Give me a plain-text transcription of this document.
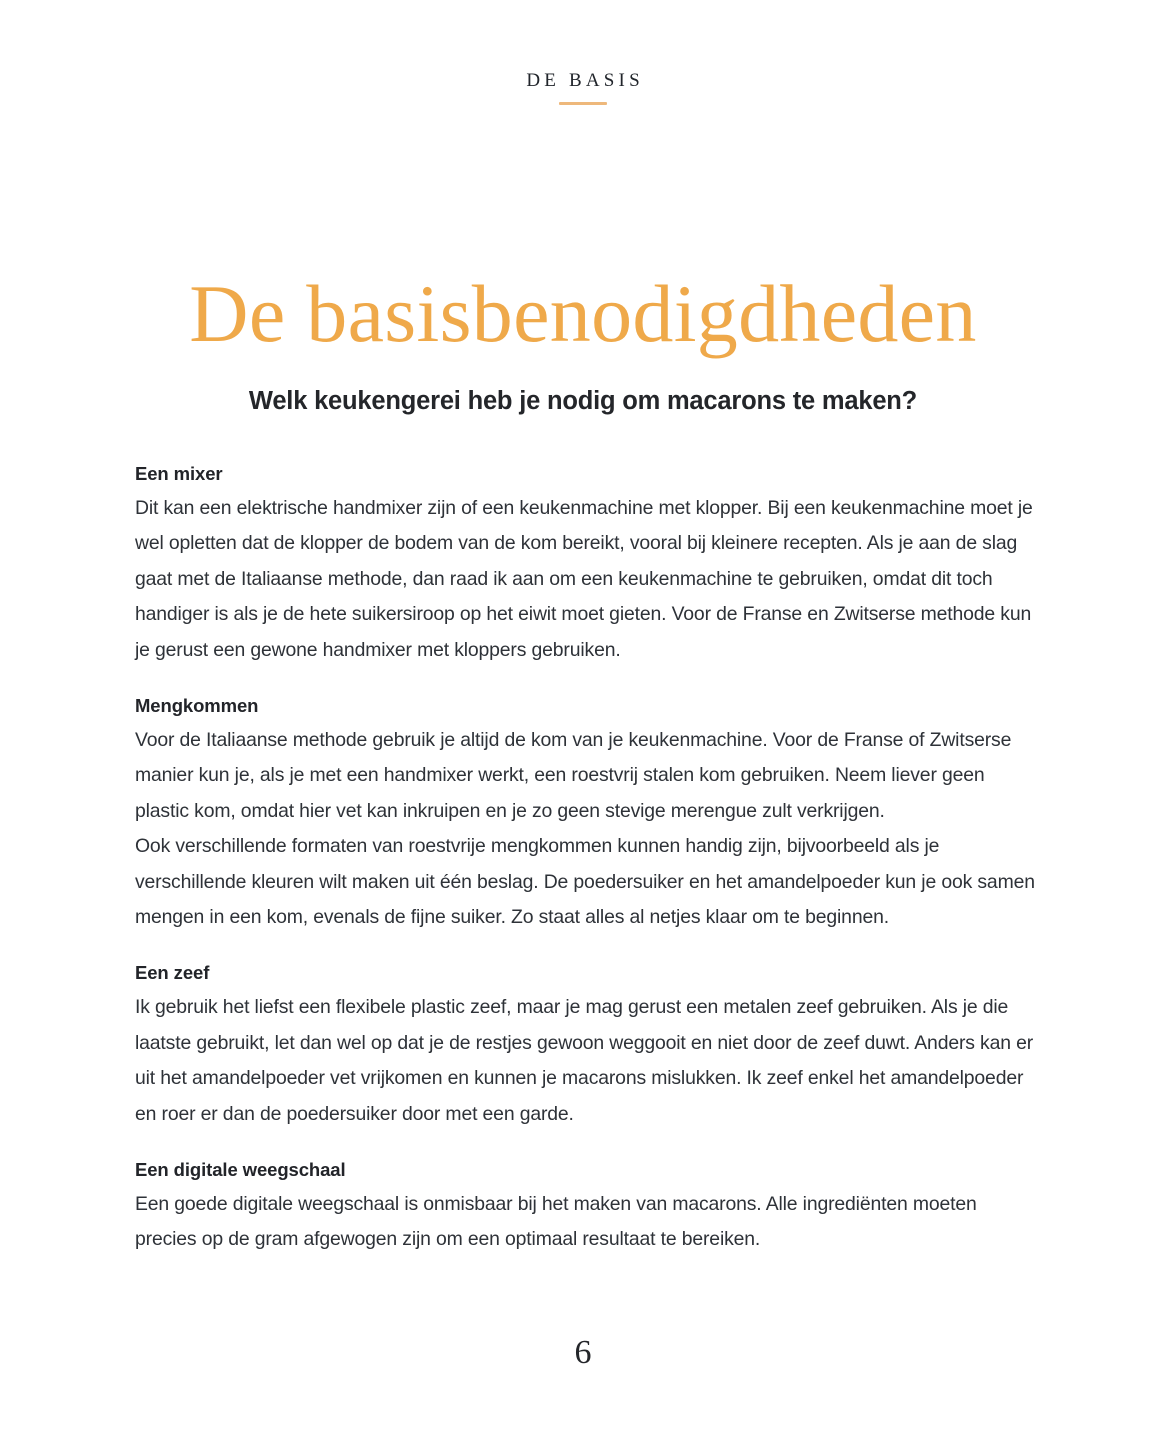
DE BASIS
De basisbenodigdheden
Welk keukengerei heb je nodig om macarons te maken?
Een mixer

Dit kan een elektrische handmixer zijn of een keukenmachine met klopper. Bij een keukenmachine moet je wel opletten dat de klopper de bodem van de kom bereikt, vooral bij kleinere recepten. Als je aan de slag gaat met de Italiaanse methode, dan raad ik aan om een keukenmachine te gebruiken, omdat dit toch handiger is als je de hete suikersiroop op het eiwit moet gieten. Voor de Franse en Zwitserse methode kun je gerust een gewone handmixer met kloppers gebruiken.

Mengkommen

Voor de Italiaanse methode gebruik je altijd de kom van je keukenmachine. Voor de Franse of Zwitserse manier kun je, als je met een handmixer werkt, een roestvrij stalen kom gebruiken. Neem liever geen plastic kom, omdat hier vet kan inkruipen en je zo geen stevige merengue zult verkrijgen.

Ook verschillende formaten van roestvrije mengkommen kunnen handig zijn, bijvoorbeeld als je verschillende kleuren wilt maken uit één beslag. De poedersuiker en het amandelpoeder kun je ook samen mengen in een kom, evenals de fijne suiker. Zo staat alles al netjes klaar om te beginnen.

Een zeef

Ik gebruik het liefst een flexibele plastic zeef, maar je mag gerust een metalen zeef gebruiken. Als je die laatste gebruikt, let dan wel op dat je de restjes gewoon weggooit en niet door de zeef duwt. Anders kan er uit het amandelpoeder vet vrijkomen en kunnen je macarons mislukken. Ik zeef enkel het amandelpoeder en roer er dan de poedersuiker door met een garde.

Een digitale weegschaal

Een goede digitale weegschaal is onmisbaar bij het maken van macarons. Alle ingrediënten moeten precies op de gram afgewogen zijn om een optimaal resultaat te bereiken.

6
